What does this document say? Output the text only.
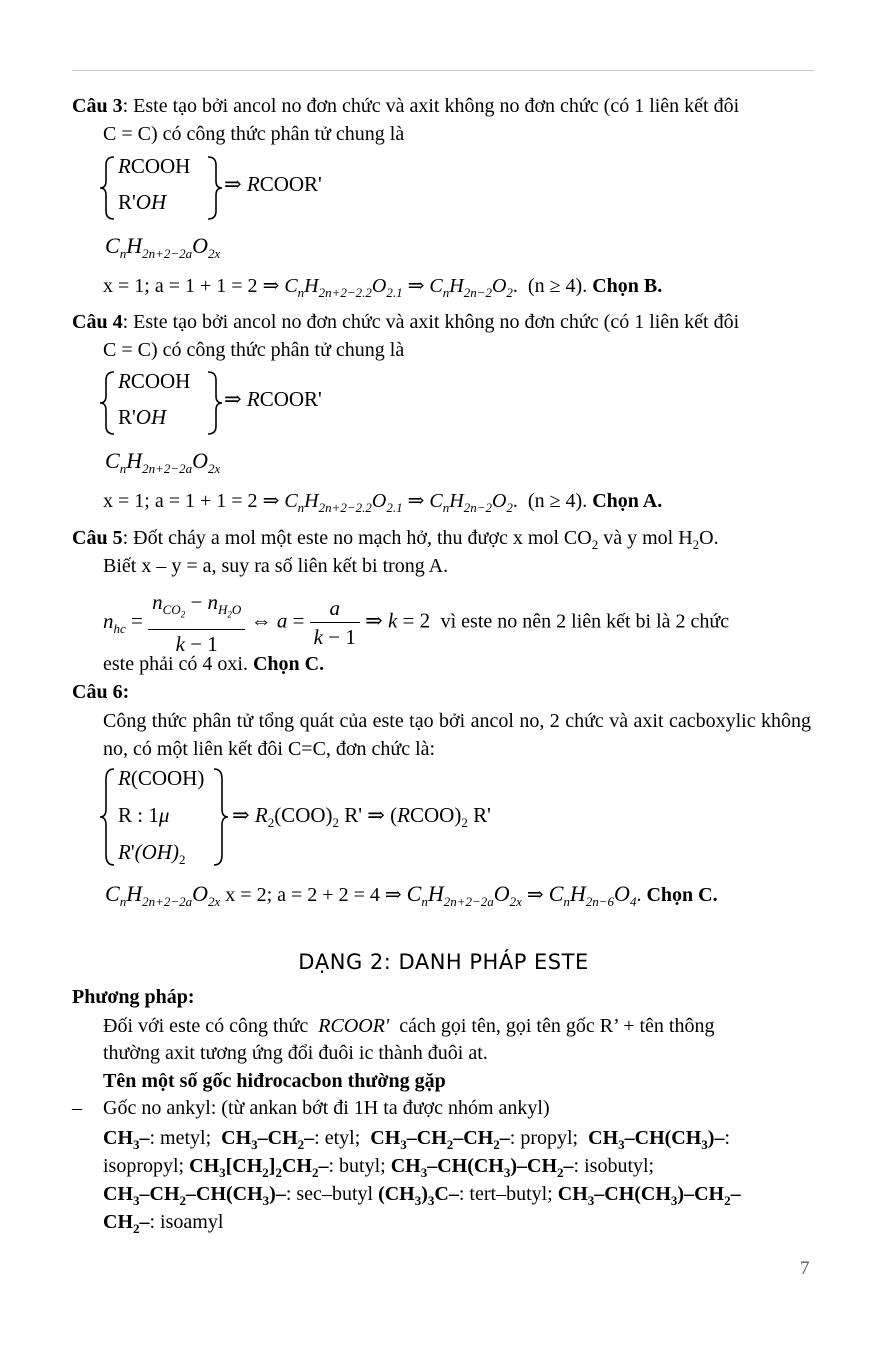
Câu 3: Este tạo bởi ancol no đơn chức và axit không no đơn chức (có 1 liên kết đôi
C = C) có công thức phân tử chung là
RCOOH
R'OH
⇒ RCOOR'
$C_nH_{2n+2-2a}O_{2x}$
x = 1; a = 1 + 1 = 2 ⇒ $C_nH_{2n+2-2.2}O_{2.1}$ ⇒ $C_nH_{2n-2}O_2$.  (n ≥ 4). Chọn B.
Câu 4: Este tạo bởi ancol no đơn chức và axit không no đơn chức (có 1 liên kết đôi
C = C) có công thức phân tử chung là
RCOOH
R'OH
⇒ RCOOR'
$C_nH_{2n+2-2a}O_{2x}$
x = 1; a = 1 + 1 = 2 ⇒ $C_nH_{2n+2-2.2}O_{2.1}$ ⇒ $C_nH_{2n-2}O_2$.  (n ≥ 4). Chọn A.
Câu 5: Đốt cháy a mol một este no mạch hở, thu được x mol $CO_2$ và y mol $H_2O$.
Biết x – y = a, suy ra số liên kết bi trong A.
$n_{hc} = \frac{n_{CO_2} - n_{H_2O}}{k - 1}$ ⇔ $a = \frac{a}{k - 1}$ ⇒ k = 2  vì este no nên 2 liên kết bi là 2 chức
este phải có 4 oxi. Chọn C.
Câu 6:
Công thức phân tử tổng quát của este tạo bởi ancol no, 2 chức và axit cacboxylic không no, có một liên kết đôi C=C, đơn chức là:
R(COOH)
R : 1μ
$R'(OH)_2$
⇒ $R_2(COO)_2$ R' ⇒ $(RCOO)_2$ R'
$C_nH_{2n+2-2a}O_{2x}$ x = 2; a = 2 + 2 = 4 ⇒ $C_nH_{2n+2-2a}O_{2x}$ ⇒ $C_nH_{2n-6}O_4$. Chọn C.
DẠNG 2: DANH PHÁP ESTE
Phương pháp:
Đối với este có công thức RCOOR' cách gọi tên, gọi tên gốc R’ + tên thông
thường axit tương ứng đổi đuôi ic thành đuôi at.
Tên một số gốc hiđrocacbon thường gặp
– Gốc no ankyl: (từ ankan bớt đi 1H ta được nhóm ankyl)
$CH_3-$: metyl;  $CH_3-CH_2-$: etyl;  $CH_3-CH_2-CH_2-$: propyl;  $CH_3-CH(CH_3)-$:
isopropyl; $CH_3[CH_2]_2CH_2-$: butyl; $CH_3-CH(CH_3)-CH_2-$: isobutyl;
$CH_3-CH_2-CH(CH_3)-$: sec–butyl $(CH_3)_3C-$: tert–butyl; $CH_3-CH(CH_3)-CH_2-$
$CH_2-$: isoamyl
7
